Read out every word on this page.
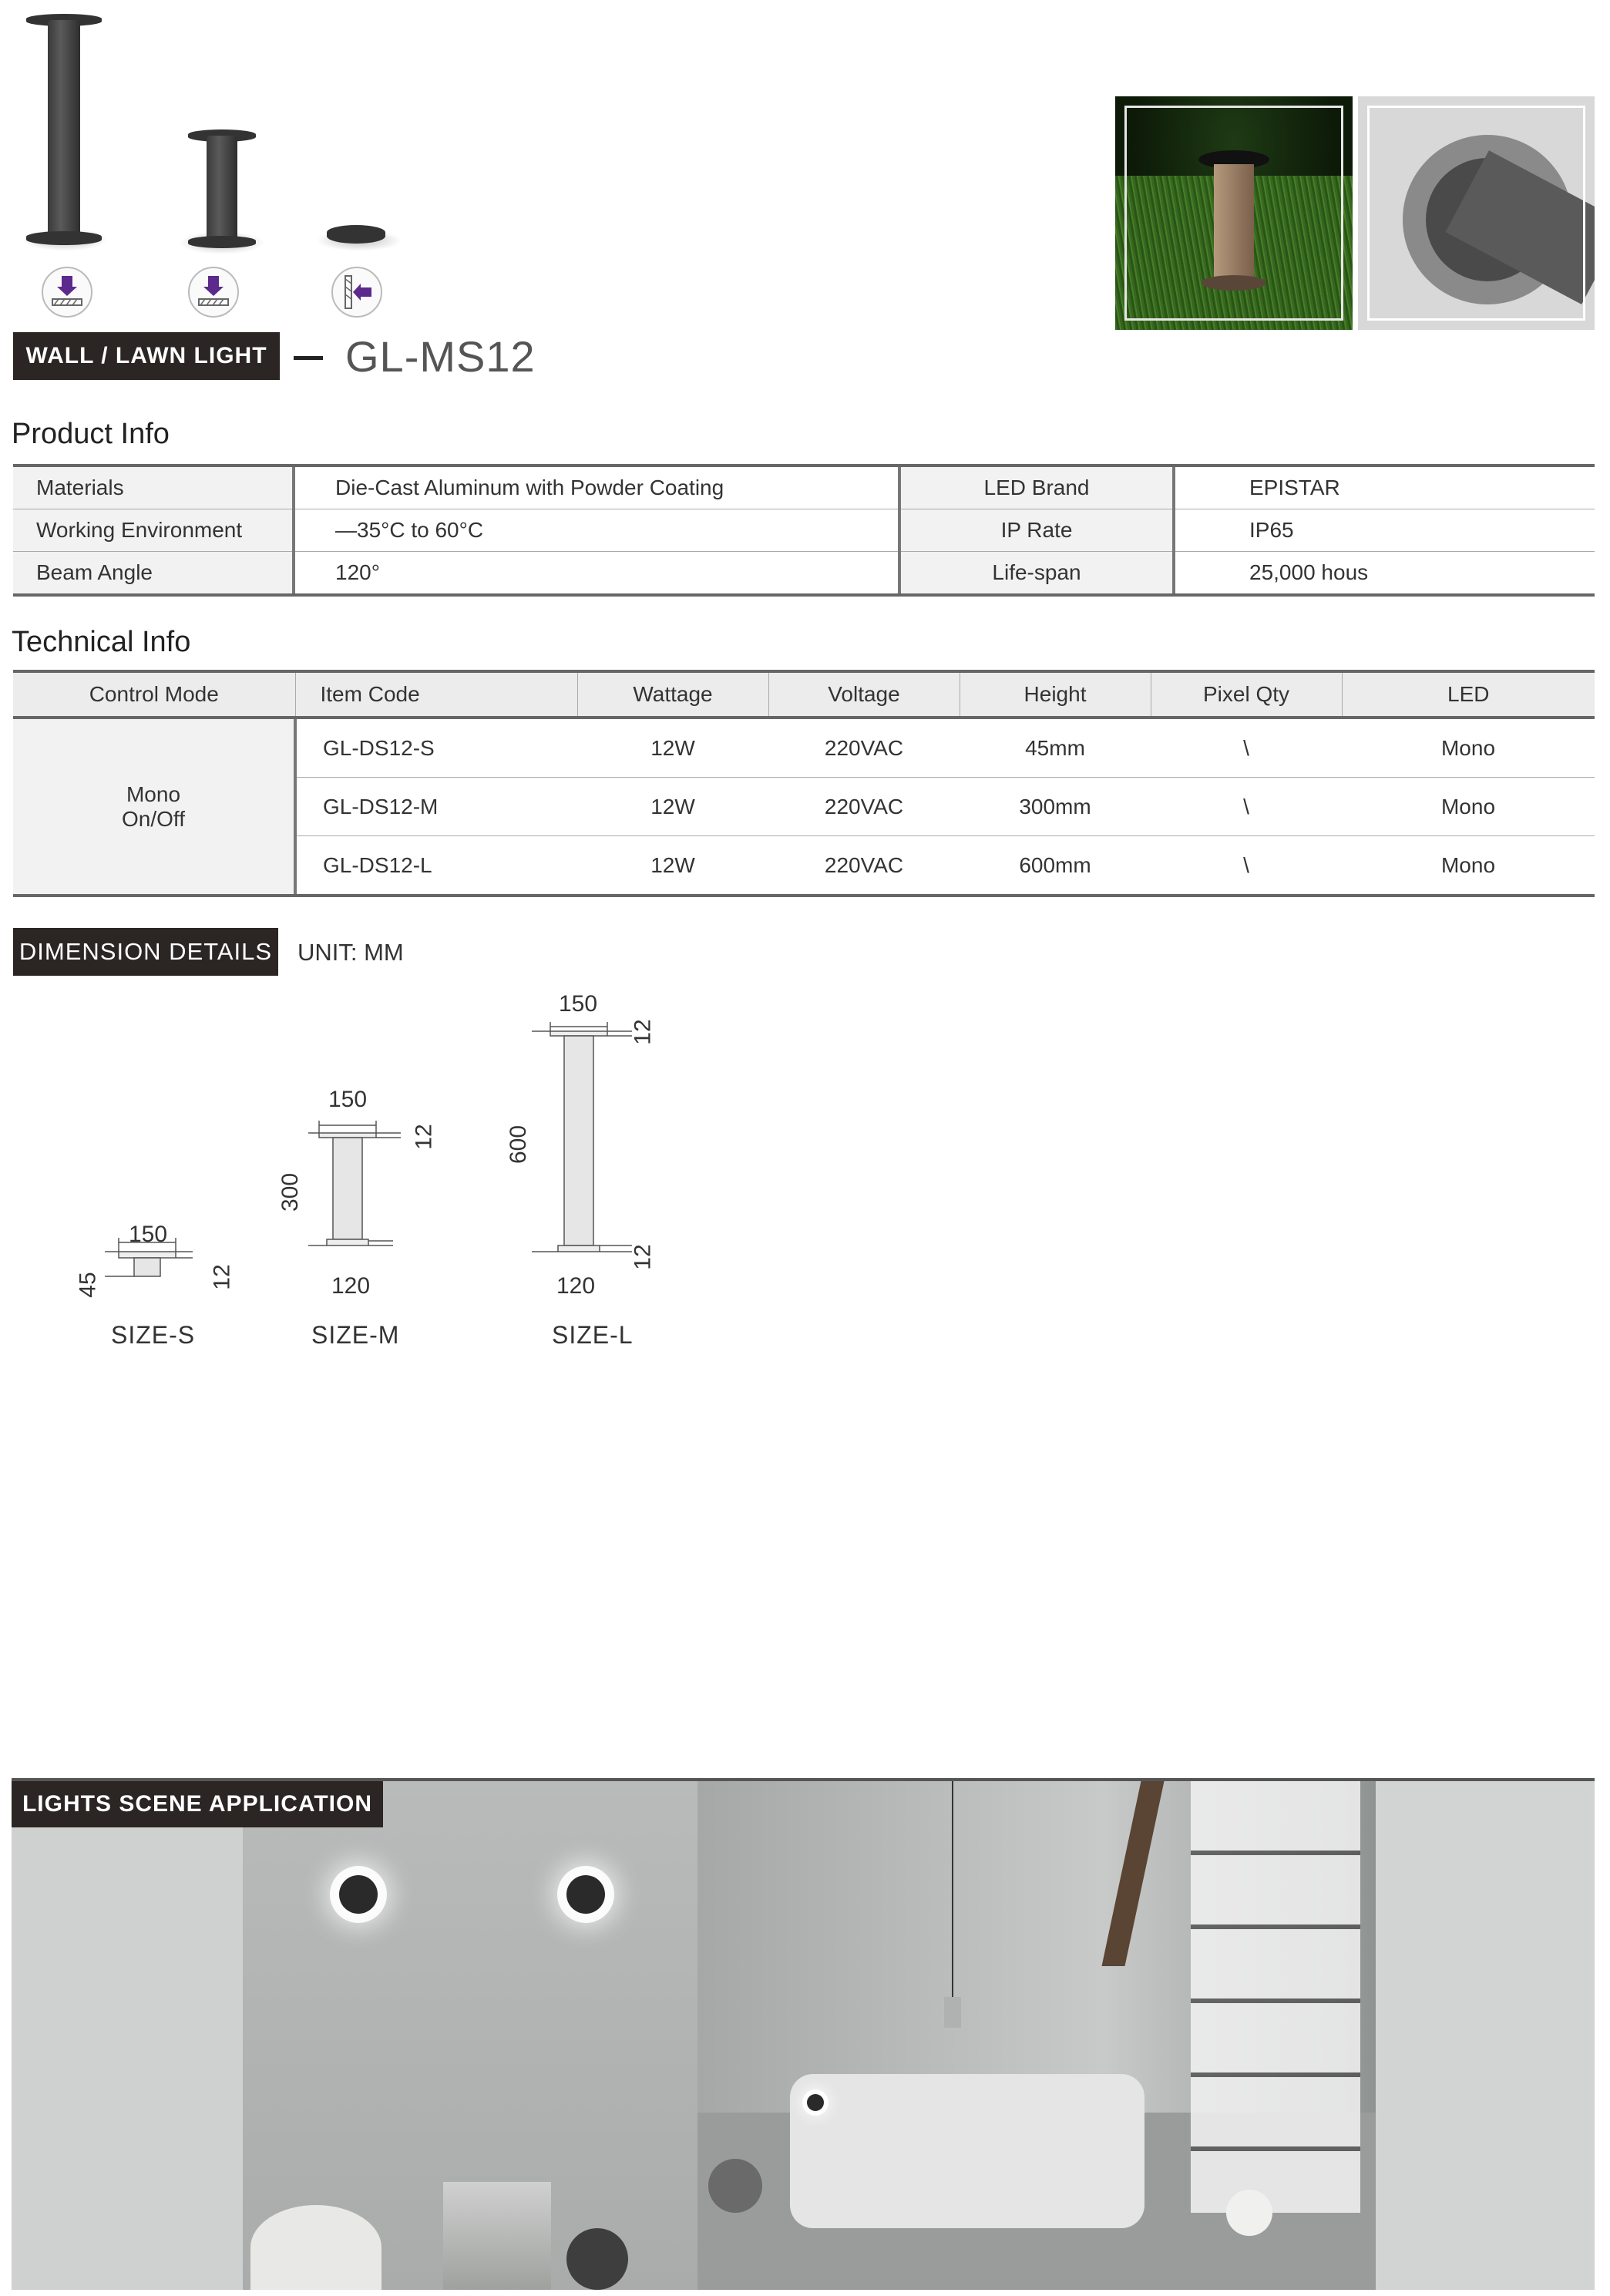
WALL / LAWN LIGHT GL-MS12
Product Info
Materials	Die-Cast Aluminum with Powder Coating	LED Brand	EPISTAR
Working Environment	—35°C to 60°C	IP Rate	IP65
Beam Angle	120°	Life-span	25,000 hous
Technical Info
Control Mode	Item Code	Wattage	Voltage	Height	Pixel Qty	LED

Mono
On/Off	GL-DS12-S	12W	220VAC	45mm	\	Mono
	GL-DS12-M	12W	220VAC	300mm	\	Mono
	GL-DS12-L	12W	220VAC	600mm	\	Mono
DIMENSION DETAILS UNIT: MM
150
45	12
SIZE-S
150
300
12
120
SIZE-M
150
600
12
12
120
SIZE-L
LIGHTS SCENE APPLICATION
